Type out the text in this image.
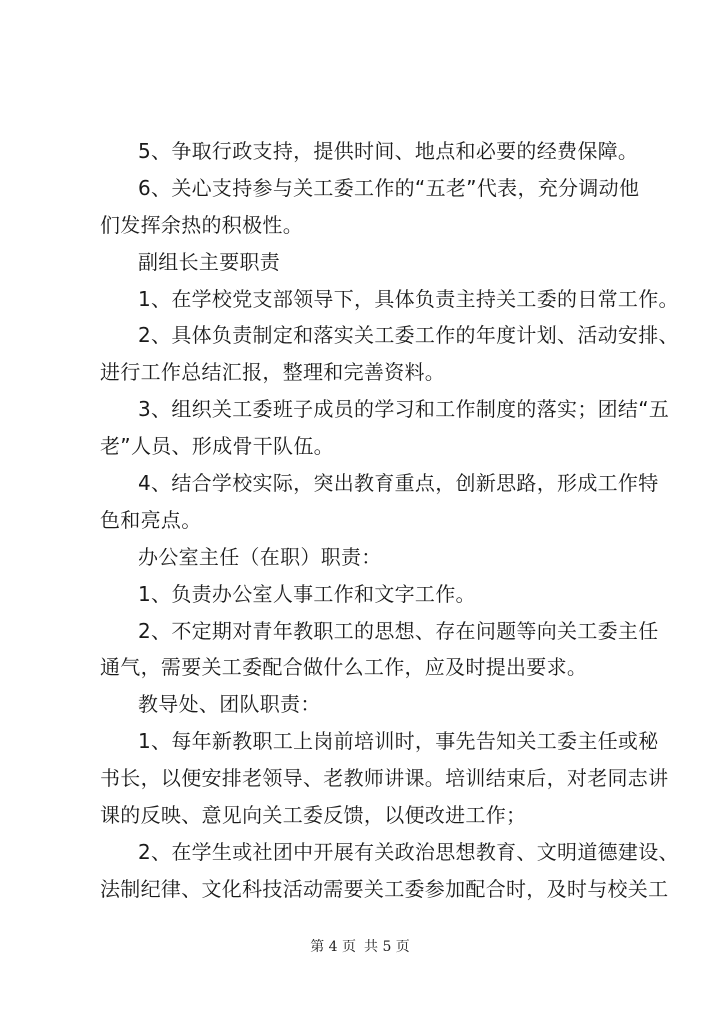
5、争取行政支持，提供时间、地点和必要的经费保障。
6、关心支持参与关工委工作的“五老”代表，充分调动他
们发挥余热的积极性。
副组长主要职责
1、在学校党支部领导下，具体负责主持关工委的日常工作。
2、具体负责制定和落实关工委工作的年度计划、活动安排、
进行工作总结汇报，整理和完善资料。
3、组织关工委班子成员的学习和工作制度的落实；团结“五
老”人员、形成骨干队伍。
4、结合学校实际，突出教育重点，创新思路，形成工作特
色和亮点。
办公室主任（在职）职责：
1、负责办公室人事工作和文字工作。
2、不定期对青年教职工的思想、存在问题等向关工委主任
通气，需要关工委配合做什么工作，应及时提出要求。
教导处、团队职责：
1、每年新教职工上岗前培训时，事先告知关工委主任或秘
书长，以便安排老领导、老教师讲课。培训结束后，对老同志讲
课的反映、意见向关工委反馈，以便改进工作；
2、在学生或社团中开展有关政治思想教育、文明道德建设、
法制纪律、文化科技活动需要关工委参加配合时，及时与校关工
第 4 页 共 5 页
